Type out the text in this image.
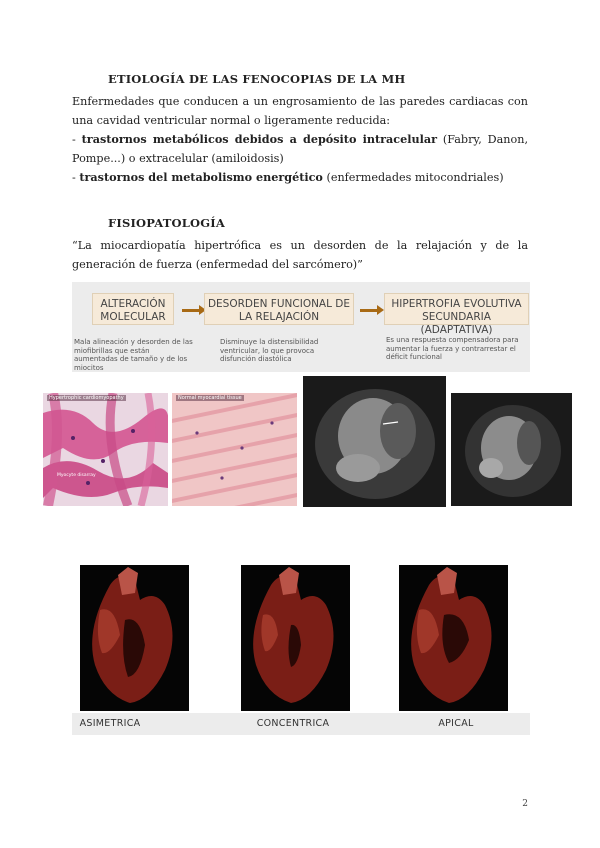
ETIOLOGÍA DE LAS FENOCOPIAS DE LA MH
Enfermedades que conducen a un engrosamiento de las paredes cardiacas con una cavidad ventricular normal o ligeramente reducida:
- trastornos metabólicos debidos a depósito intracelular (Fabry, Danon, Pompe...) o extracelular (amiloidosis)
- trastornos del metabolismo energético (enfermedades mitocondriales)
FISIOPATOLOGÍA
“La miocardiopatía hipertrófica es un desorden de la relajación y de la generación de fuerza (enfermedad del sarcómero)”
ALTERACIÓN MOLECULAR
DESORDEN FUNCIONAL DE LA RELAJACIÓN
HIPERTROFIA EVOLUTIVA SECUNDARIA (ADAPTATIVA)
Mala alineación y desorden de las miofibrillas que están aumentadas de tamaño y de los miocitos
Disminuye la distensibilidad ventricular, lo que provoca disfunción diastólica
Es una respuesta compensadora para aumentar la fuerza y contrarrestar el déficit funcional
Hypertrophic cardiomyopathy
Myocyte disarray
Normal myocardial tissue
ASIMETRICA	CONCENTRICA	APICAL
2
